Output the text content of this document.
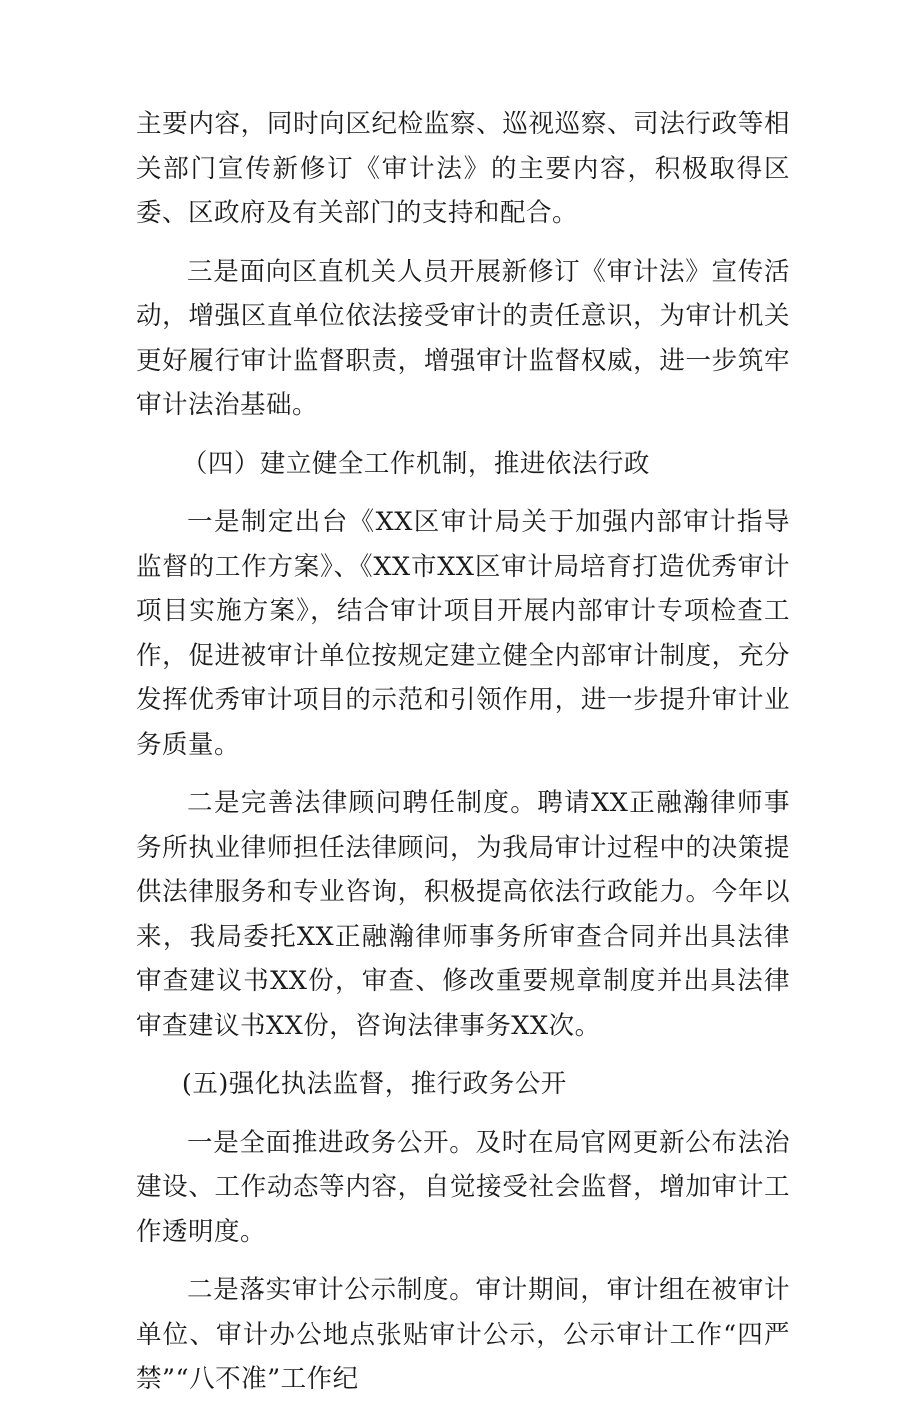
主要内容，同时向区纪检监察、巡视巡察、司法行政等相关部门宣传新修订《审计法》的主要内容，积极取得区委、区政府及有关部门的支持和配合。

三是面向区直机关人员开展新修订《审计法》宣传活动，增强区直单位依法接受审计的责任意识，为审计机关更好履行审计监督职责，增强审计监督权威，进一步筑牢审计法治基础。

（四）建立健全工作机制，推进依法行政

一是制定出台《XX区审计局关于加强内部审计指导监督的工作方案》、《XX市XX区审计局培育打造优秀审计项目实施方案》，结合审计项目开展内部审计专项检查工作，促进被审计单位按规定建立健全内部审计制度，充分发挥优秀审计项目的示范和引领作用，进一步提升审计业务质量。

二是完善法律顾问聘任制度。聘请XX正融瀚律师事务所执业律师担任法律顾问，为我局审计过程中的决策提供法律服务和专业咨询，积极提高依法行政能力。今年以来，我局委托XX正融瀚律师事务所审查合同并出具法律审查建议书XX份，审查、修改重要规章制度并出具法律审查建议书XX份，咨询法律事务XX次。

(五)强化执法监督，推行政务公开

一是全面推进政务公开。及时在局官网更新公布法治建设、工作动态等内容，自觉接受社会监督，增加审计工作透明度。

二是落实审计公示制度。审计期间，审计组在被审计单位、审计办公地点张贴审计公示，公示审计工作“四严禁”“八不准”工作纪
